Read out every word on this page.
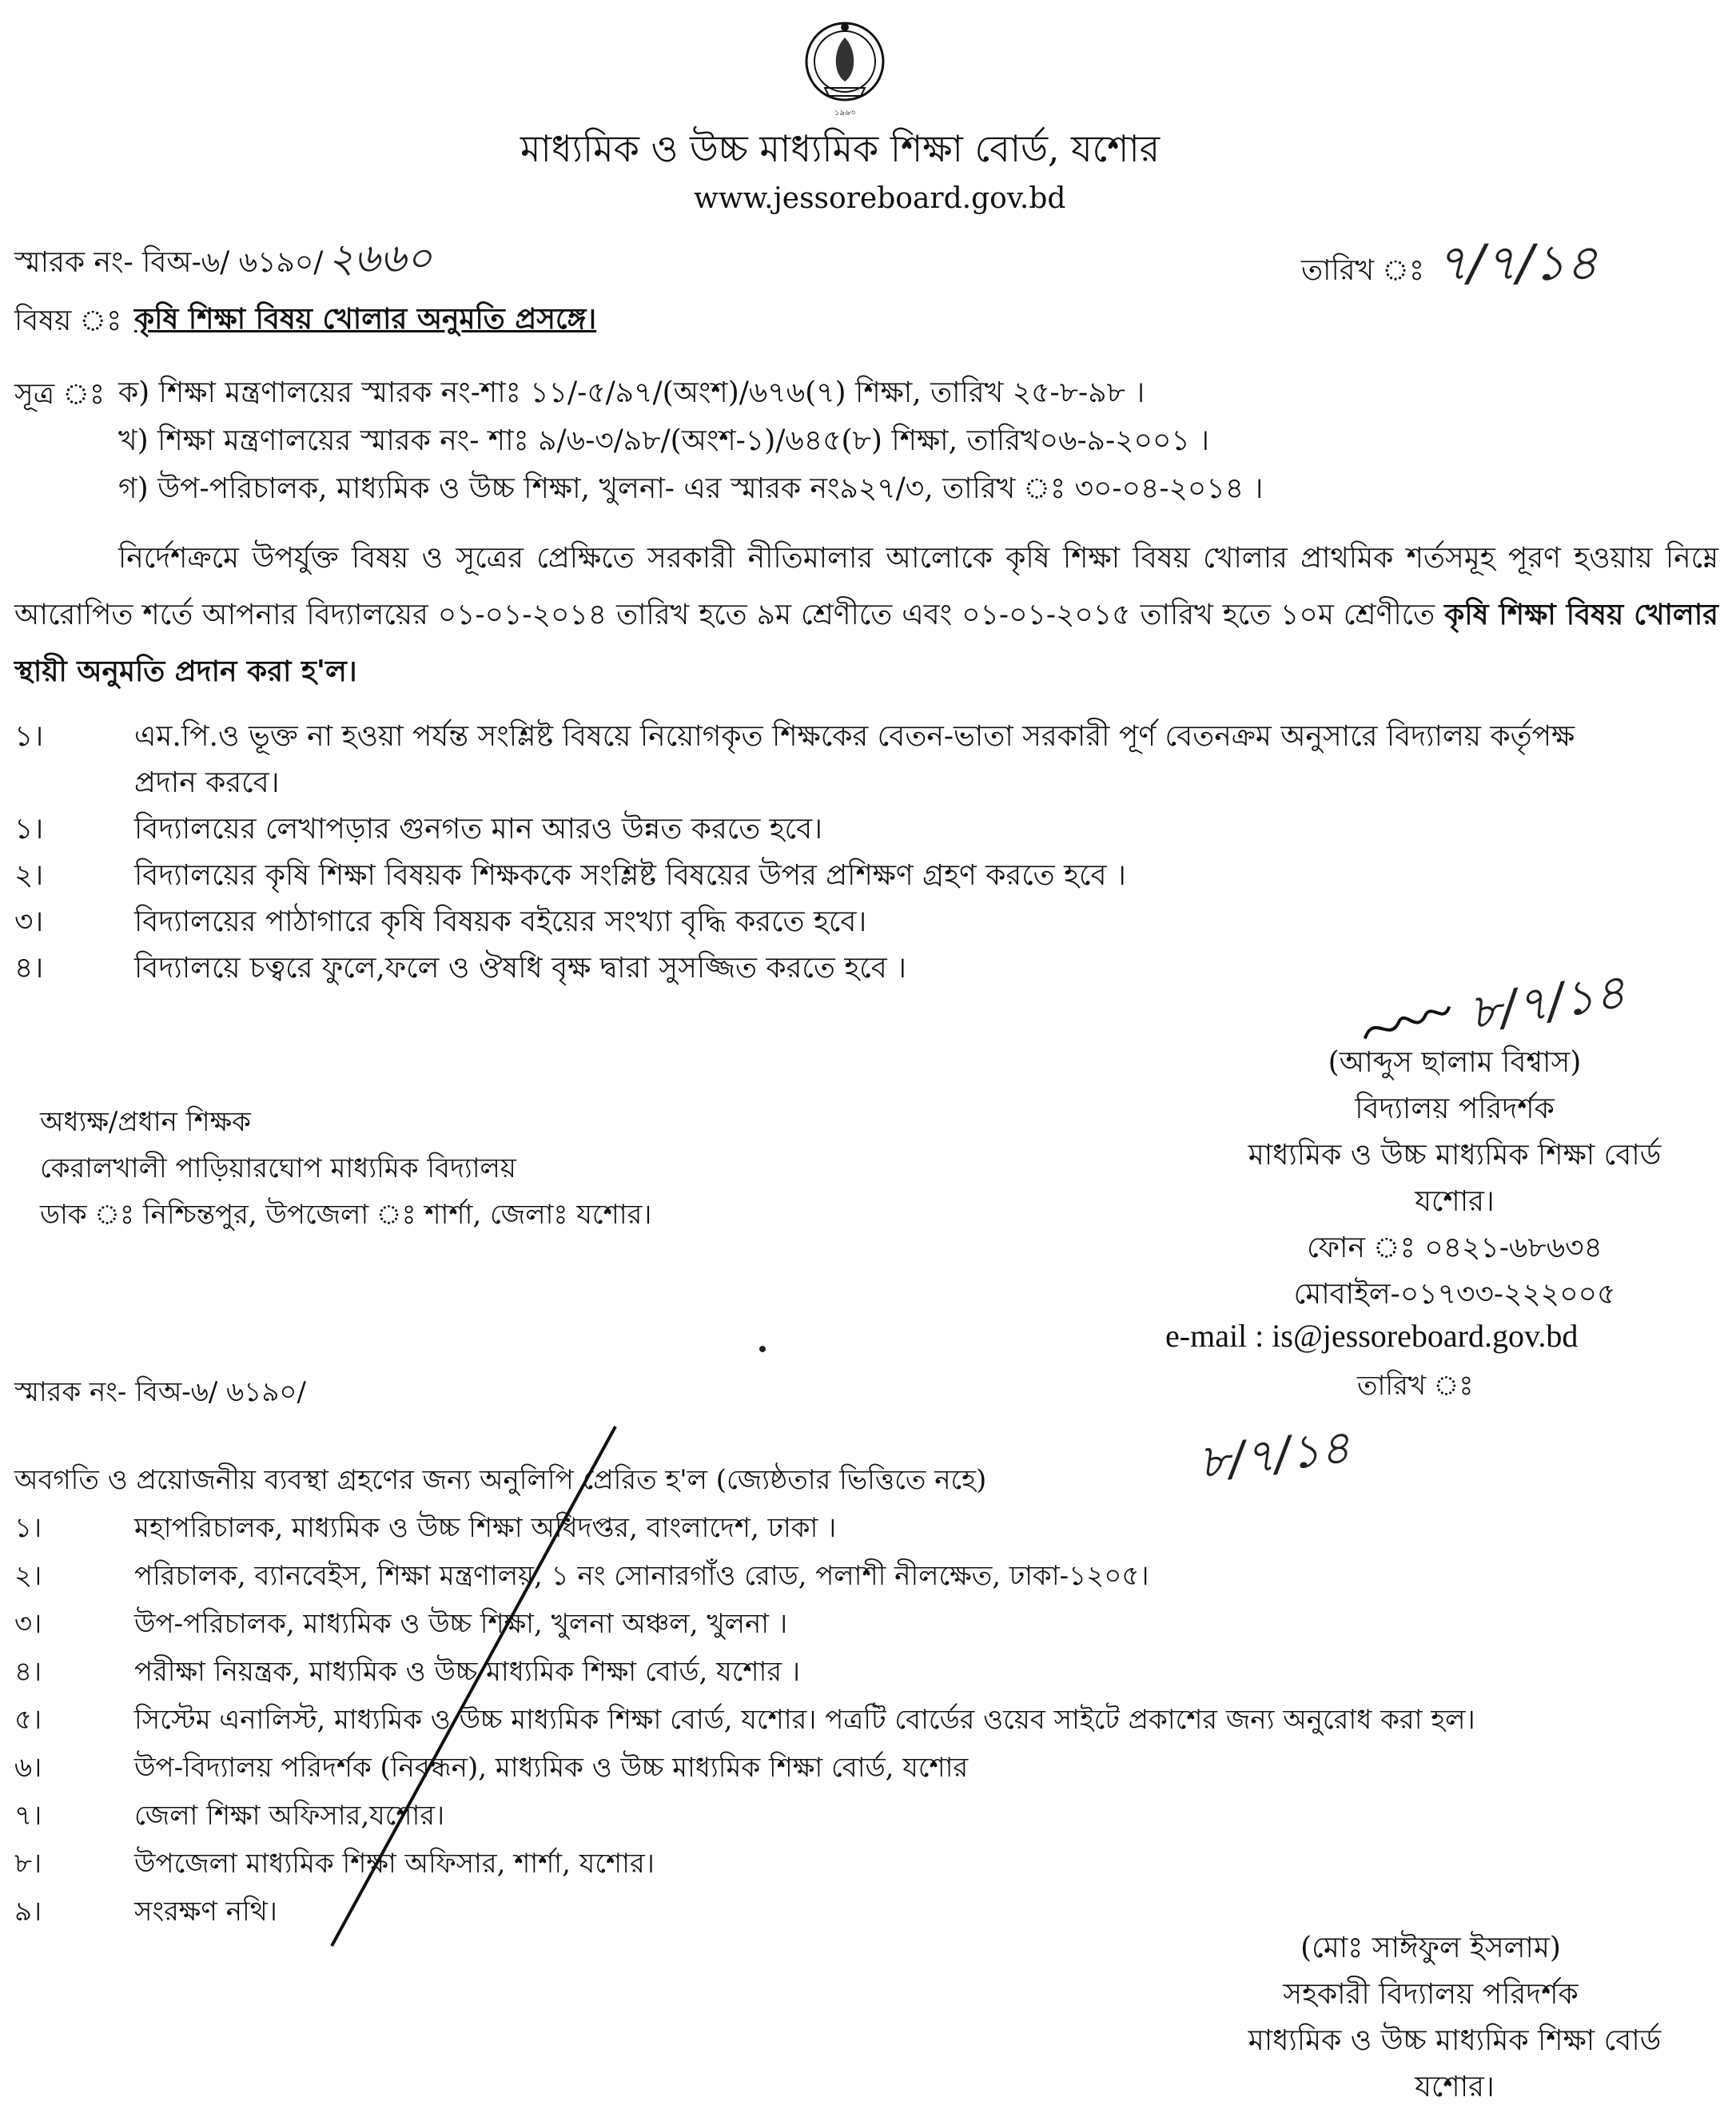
১৯৬৩
মাধ্যমিক ও উচ্চ মাধ্যমিক শিক্ষা বোর্ড, যশোর
www.jessoreboard.gov.bd
স্মারক নং- বিঅ-৬/ ৬১৯০/ ২৬৬০	তারিখ ঃ ৭/৭/১৪
বিষয় ঃ কৃষি শিক্ষা বিষয় খোলার অনুমতি প্রসঙ্গে।
সূত্র ঃ ক) শিক্ষা মন্ত্রণালয়ের স্মারক নং-শাঃ ১১/-৫/৯৭/(অংশ)/৬৭৬(৭) শিক্ষা, তারিখ ২৫-৮-৯৮ ।
খ) শিক্ষা মন্ত্রণালয়ের স্মারক নং- শাঃ ৯/৬-৩/৯৮/(অংশ-১)/৬৪৫(৮) শিক্ষা, তারিখ০৬-৯-২০০১ ।
গ) উপ-পরিচালক, মাধ্যমিক ও উচ্চ শিক্ষা, খুলনা- এর স্মারক নং৯২৭/৩, তারিখ ঃ ৩০-০৪-২০১৪ ।
নির্দেশক্রমে উপর্যুক্ত বিষয় ও সূত্রের প্রেক্ষিতে সরকারী নীতিমালার আলোকে কৃষি শিক্ষা বিষয় খোলার প্রাথমিক শর্তসমূহ পূরণ হওয়ায় নিম্নে আরোপিত শর্তে আপনার বিদ্যালয়ের ০১-০১-২০১৪ তারিখ হতে ৯ম শ্রেণীতে এবং ০১-০১-২০১৫ তারিখ হতে ১০ম শ্রেণীতে কৃষি শিক্ষা বিষয় খোলার স্থায়ী অনুমতি প্রদান করা হ'ল।
১।	এম.পি.ও ভূক্ত না হওয়া পর্যন্ত সংশ্লিষ্ট বিষয়ে নিয়োগকৃত শিক্ষকের বেতন-ভাতা সরকারী পূর্ণ বেতনক্রম অনুসারে বিদ্যালয় কর্তৃপক্ষ
প্রদান করবে।
১।	বিদ্যালয়ের লেখাপড়ার গুনগত মান আরও উন্নত করতে হবে।
২।	বিদ্যালয়ের কৃষি শিক্ষা বিষয়ক শিক্ষককে সংশ্লিষ্ট বিষয়ের উপর প্রশিক্ষণ গ্রহণ করতে হবে ।
৩।	বিদ্যালয়ের পাঠাগারে কৃষি বিষয়ক বইয়ের সংখ্যা বৃদ্ধি করতে হবে।
৪।	বিদ্যালয়ে চত্বরে ফুলে,ফলে ও ঔষধি বৃক্ষ দ্বারা সুসজ্জিত করতে হবে ।	৮/৭/১৪
(আব্দুস ছালাম বিশ্বাস)
বিদ্যালয় পরিদর্শক
মাধ্যমিক ও উচ্চ মাধ্যমিক শিক্ষা বোর্ড
যশোর।
ফোন ঃ ০৪২১-৬৮৬৩৪
মোবাইল-০১৭৩৩-২২২০০৫
e-mail : is@jessoreboard.gov.bd
অধ্যক্ষ/প্রধান শিক্ষক
কেরালখালী পাড়িয়ারঘোপ মাধ্যমিক বিদ্যালয়
ডাক ঃ নিশ্চিন্তপুর, উপজেলা ঃ শার্শা, জেলাঃ যশোর।
স্মারক নং- বিঅ-৬/ ৬১৯০/	তারিখ ঃ
৮/৭/১৪
অবগতি ও প্রয়োজনীয় ব্যবস্থা গ্রহণের জন্য অনুলিপি প্রেরিত হ'ল (জ্যেষ্ঠতার ভিত্তিতে নহে)
১।	মহাপরিচালক, মাধ্যমিক ও উচ্চ শিক্ষা অধিদপ্তর, বাংলাদেশ, ঢাকা ।
২।	পরিচালক, ব্যানবেইস, শিক্ষা মন্ত্রণালয়, ১ নং সোনারগাঁও রোড, পলাশী নীলক্ষেত, ঢাকা-১২০৫।
৩।	উপ-পরিচালক, মাধ্যমিক ও উচ্চ শিক্ষা, খুলনা অঞ্চল, খুলনা ।
৪।	পরীক্ষা নিয়ন্ত্রক, মাধ্যমিক ও উচ্চ মাধ্যমিক শিক্ষা বোর্ড, যশোর ।
৫।	সিস্টেম এনালিস্ট, মাধ্যমিক ও উচ্চ মাধ্যমিক শিক্ষা বোর্ড, যশোর। পত্রটি বোর্ডের ওয়েব সাইটে প্রকাশের জন্য অনুরোধ করা হল।
৬।	উপ-বিদ্যালয় পরিদর্শক (নিবন্ধন), মাধ্যমিক ও উচ্চ মাধ্যমিক শিক্ষা বোর্ড, যশোর
৭।	জেলা শিক্ষা অফিসার,যশোর।
৮।	উপজেলা মাধ্যমিক শিক্ষা অফিসার, শার্শা, যশোর।
৯।	সংরক্ষণ নথি।
(মোঃ সাঈফুল ইসলাম)
সহকারী বিদ্যালয় পরিদর্শক
মাধ্যমিক ও উচ্চ মাধ্যমিক শিক্ষা বোর্ড
যশোর।
